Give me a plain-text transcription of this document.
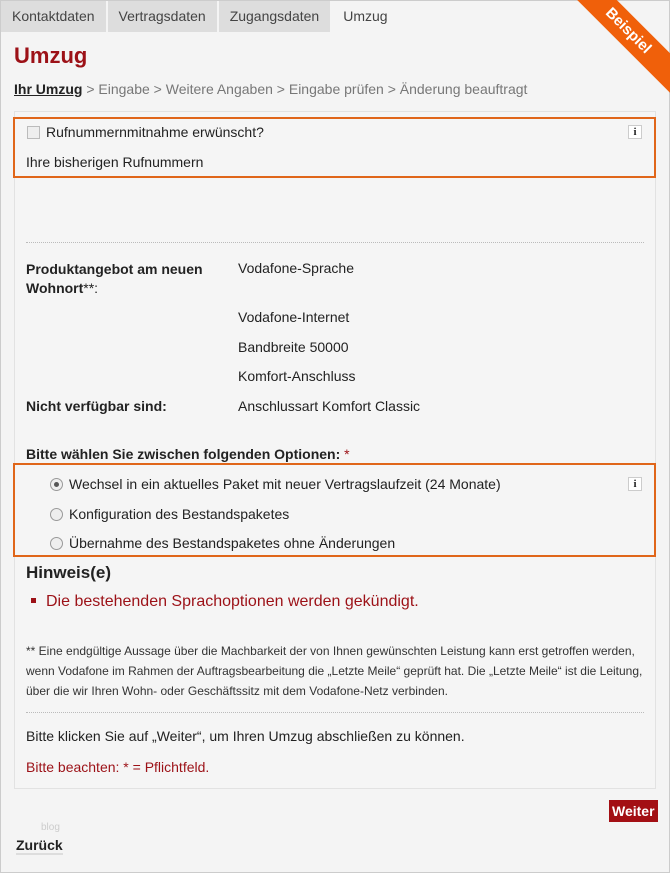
Kontaktdaten	Vertragsdaten	Zugangsdaten	Umzug	Beispiel
Umzug
Ihr Umzug > Eingabe > Weitere Angaben > Eingabe prüfen > Änderung beauftragt
Rufnummernmitnahme erwünscht?	i
Ihre bisherigen Rufnummern
Produktangebot am neuen Wohnort**:
Vodafone-Sprache
Vodafone-Internet
Bandbreite 50000
Komfort-Anschluss
Nicht verfügbar sind:	Anschlussart Komfort Classic
Bitte wählen Sie zwischen folgenden Optionen: *
Wechsel in ein aktuelles Paket mit neuer Vertragslaufzeit (24 Monate)	i
Konfiguration des Bestandspaketes
Übernahme des Bestandspaketes ohne Änderungen
Hinweis(e)
Die bestehenden Sprachoptionen werden gekündigt.
** Eine endgültige Aussage über die Machbarkeit der von Ihnen gewünschten Leistung kann erst getroffen werden, wenn Vodafone im Rahmen der Auftragsbearbeitung die „Letzte Meile“ geprüft hat. Die „Letzte Meile“ ist die Leitung, über die wir Ihren Wohn- oder Geschäftssitz mit dem Vodafone-Netz verbinden.
Bitte klicken Sie auf „Weiter“, um Ihren Umzug abschließen zu können.
Bitte beachten: * = Pflichtfeld.
Weiter
blog
Zurück
